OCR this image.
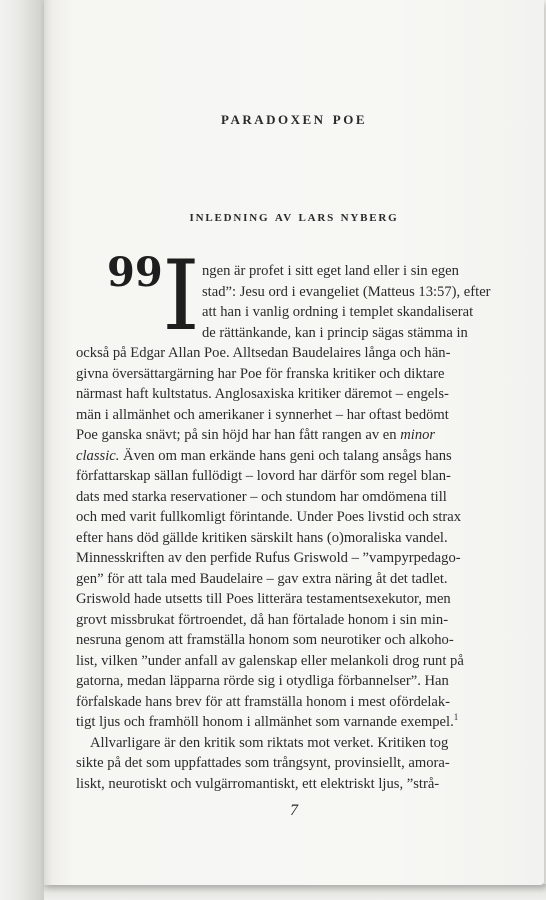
paradoxen poe
inledning av lars nyberg
99 I ngen är profet i sitt eget land eller i sin egen

stad”: Jesu ord i evangeliet (Matteus 13:57), efter

att han i vanlig ordning i templet skandaliserat

de rättänkande, kan i princip sägas stämma in

också på Edgar Allan Poe. Alltsedan Baudelaires långa och hän-

givna översättargärning har Poe för franska kritiker och diktare

närmast haft kultstatus. Anglosaxiska kritiker däremot – engels-

män i allmänhet och amerikaner i synnerhet – har oftast bedömt

Poe ganska snävt; på sin höjd har han fått rangen av en minor

classic. Även om man erkände hans geni och talang ansågs hans

författarskap sällan fullödigt – lovord har därför som regel blan-

dats med starka reservationer – och stundom har omdömena till

och med varit fullkomligt förintande. Under Poes livstid och strax

efter hans död gällde kritiken särskilt hans (o)moraliska vandel.

Minnesskriften av den perfide Rufus Griswold – ”vampyrpedago-

gen” för att tala med Baudelaire – gav extra näring åt det tadlet.

Griswold hade utsetts till Poes litterära testamentsexekutor, men

grovt missbrukat förtroendet, då han förtalade honom i sin min-

nesruna genom att framställa honom som neurotiker och alkoho-

list, vilken ”under anfall av galenskap eller melankoli drog runt på

gatorna, medan läpparna rörde sig i otydliga förbannelser”. Han

förfalskade hans brev för att framställa honom i mest ofördelak-

tigt ljus och framhöll honom i allmänhet som varnande exempel.$^1$

Allvarligare är den kritik som riktats mot verket. Kritiken tog

sikte på det som uppfattades som trångsynt, provinsiellt, amora-

liskt, neurotiskt och vulgärromantiskt, ett elektriskt ljus, ”strå-

7
